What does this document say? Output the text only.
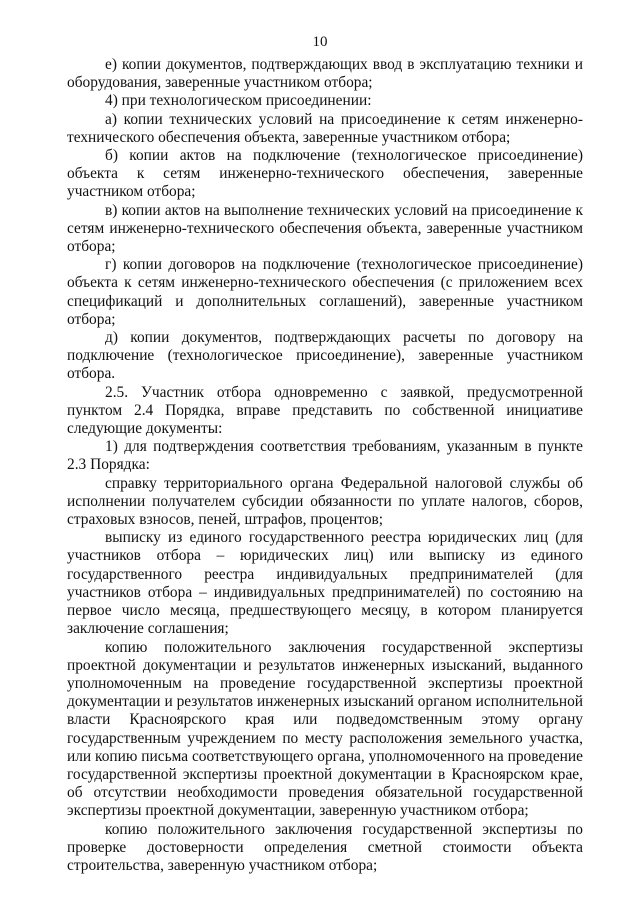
10

е) копии документов, подтверждающих ввод в эксплуатацию техники и оборудования, заверенные участником отбора;

4) при технологическом присоединении:

а) копии технических условий на присоединение к сетям инженерно-технического обеспечения объекта, заверенные участником отбора;

б) копии актов на подключение (технологическое присоединение) объекта к сетям инженерно-технического обеспечения, заверенные участником отбора;

в) копии актов на выполнение технических условий на присоединение к сетям инженерно-технического обеспечения объекта, заверенные участником отбора;

г) копии договоров на подключение (технологическое присоединение) объекта к сетям инженерно-технического обеспечения (с приложением всех спецификаций и дополнительных соглашений), заверенные участником отбора;

д) копии документов, подтверждающих расчеты по договору на подключение (технологическое присоединение), заверенные участником отбора.

2.5. Участник отбора одновременно с заявкой, предусмотренной пунктом 2.4 Порядка, вправе представить по собственной инициативе следующие документы:

1) для подтверждения соответствия требованиям, указанным в пункте 2.3 Порядка:

справку территориального органа Федеральной налоговой службы об исполнении получателем субсидии обязанности по уплате налогов, сборов, страховых взносов, пеней, штрафов, процентов;

выписку из единого государственного реестра юридических лиц (для участников отбора – юридических лиц) или выписку из единого государственного реестра индивидуальных предпринимателей (для участников отбора – индивидуальных предпринимателей) по состоянию на первое число месяца, предшествующего месяцу, в котором планируется заключение соглашения;

копию положительного заключения государственной экспертизы проектной документации и результатов инженерных изысканий, выданного уполномоченным на проведение государственной экспертизы проектной документации и результатов инженерных изысканий органом исполнительной власти Красноярского края или подведомственным этому органу государственным учреждением по месту расположения земельного участка, или копию письма соответствующего органа, уполномоченного на проведение государственной экспертизы проектной документации в Красноярском крае, об отсутствии необходимости проведения обязательной государственной экспертизы проектной документации, заверенную участником отбора;

копию положительного заключения государственной экспертизы по проверке достоверности определения сметной стоимости объекта строительства, заверенную участником отбора;
